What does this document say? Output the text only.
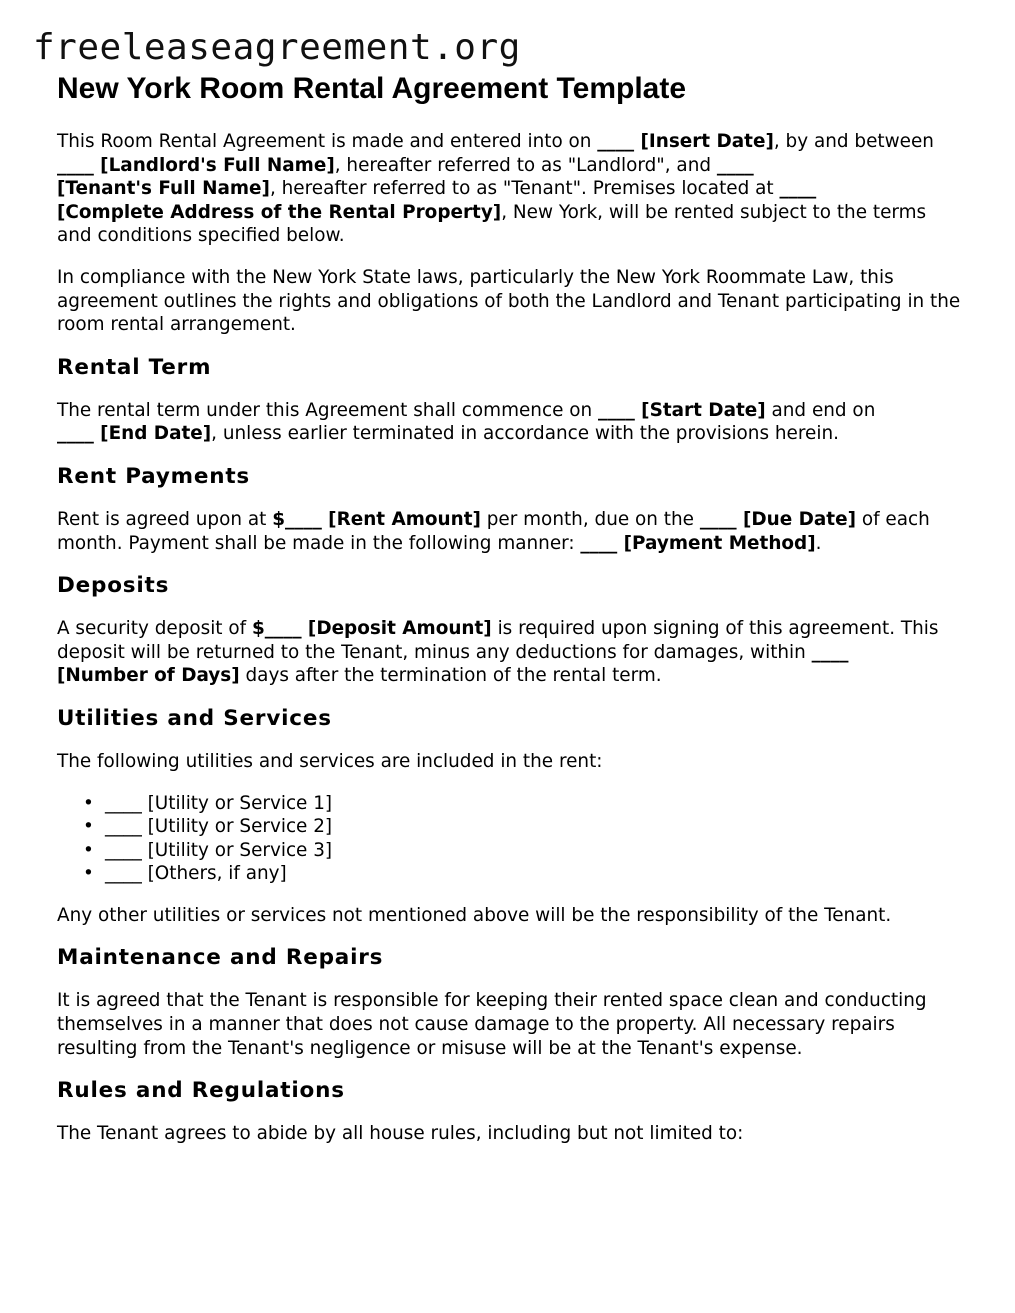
freeleaseagreement.org
New York Room Rental Agreement Template

This Room Rental Agreement is made and entered into on ____ [Insert Date], by and between ____ [Landlord's Full Name], hereafter referred to as "Landlord", and ____
[Tenant's Full Name], hereafter referred to as "Tenant". Premises located at ____
[Complete Address of the Rental Property], New York, will be rented subject to the terms and conditions specified below.

In compliance with the New York State laws, particularly the New York Roommate Law, this agreement outlines the rights and obligations of both the Landlord and Tenant participating in the room rental arrangement.

Rental Term

The rental term under this Agreement shall commence on ____ [Start Date] and end on
____ [End Date], unless earlier terminated in accordance with the provisions herein.

Rent Payments

Rent is agreed upon at $____ [Rent Amount] per month, due on the ____ [Due Date] of each month. Payment shall be made in the following manner: ____ [Payment Method].

Deposits

A security deposit of $____ [Deposit Amount] is required upon signing of this agreement. This deposit will be returned to the Tenant, minus any deductions for damages, within ____
[Number of Days] days after the termination of the rental term.

Utilities and Services

The following utilities and services are included in the rent:

• ____ [Utility or Service 1]
• ____ [Utility or Service 2]
• ____ [Utility or Service 3]
• ____ [Others, if any]

Any other utilities or services not mentioned above will be the responsibility of the Tenant.

Maintenance and Repairs

It is agreed that the Tenant is responsible for keeping their rented space clean and conducting themselves in a manner that does not cause damage to the property. All necessary repairs resulting from the Tenant's negligence or misuse will be at the Tenant's expense.

Rules and Regulations

The Tenant agrees to abide by all house rules, including but not limited to:
